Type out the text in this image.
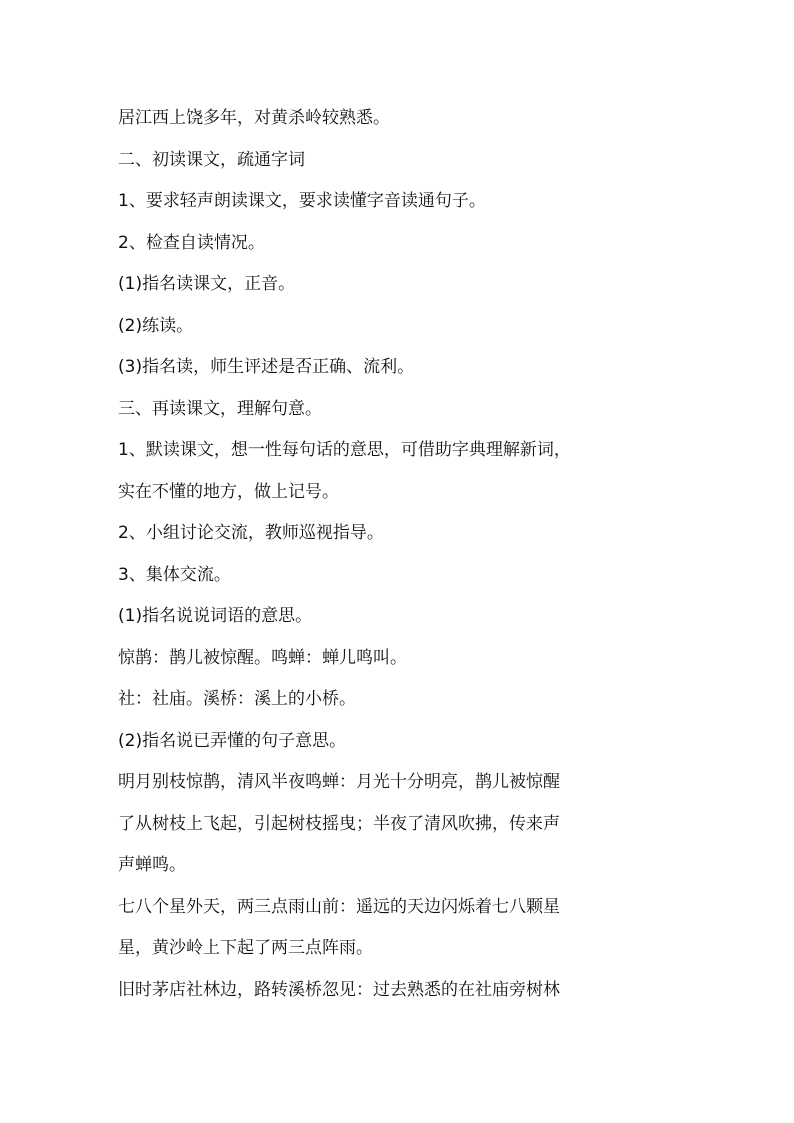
居江西上饶多年，对黄杀岭较熟悉。
二、初读课文，疏通字词
1、要求轻声朗读课文，要求读懂字音读通句子。
2、检查自读情况。
(1)指名读课文，正音。
(2)练读。
(3)指名读，师生评述是否正确、流利。
三、再读课文，理解句意。
1、默读课文，想一性每句话的意思，可借助字典理解新词，
实在不懂的地方，做上记号。
2、小组讨论交流，教师巡视指导。
3、集体交流。
(1)指名说说词语的意思。
惊鹊：鹊儿被惊醒。鸣蝉：蝉儿鸣叫。
社：社庙。溪桥：溪上的小桥。
(2)指名说已弄懂的句子意思。
明月别枝惊鹊，清风半夜鸣蝉：月光十分明亮，鹊儿被惊醒
了从树枝上飞起，引起树枝摇曳；半夜了清风吹拂，传来声
声蝉鸣。
七八个星外天，两三点雨山前：遥远的天边闪烁着七八颗星
星，黄沙岭上下起了两三点阵雨。
旧时茅店社林边，路转溪桥忽见：过去熟悉的在社庙旁树林
